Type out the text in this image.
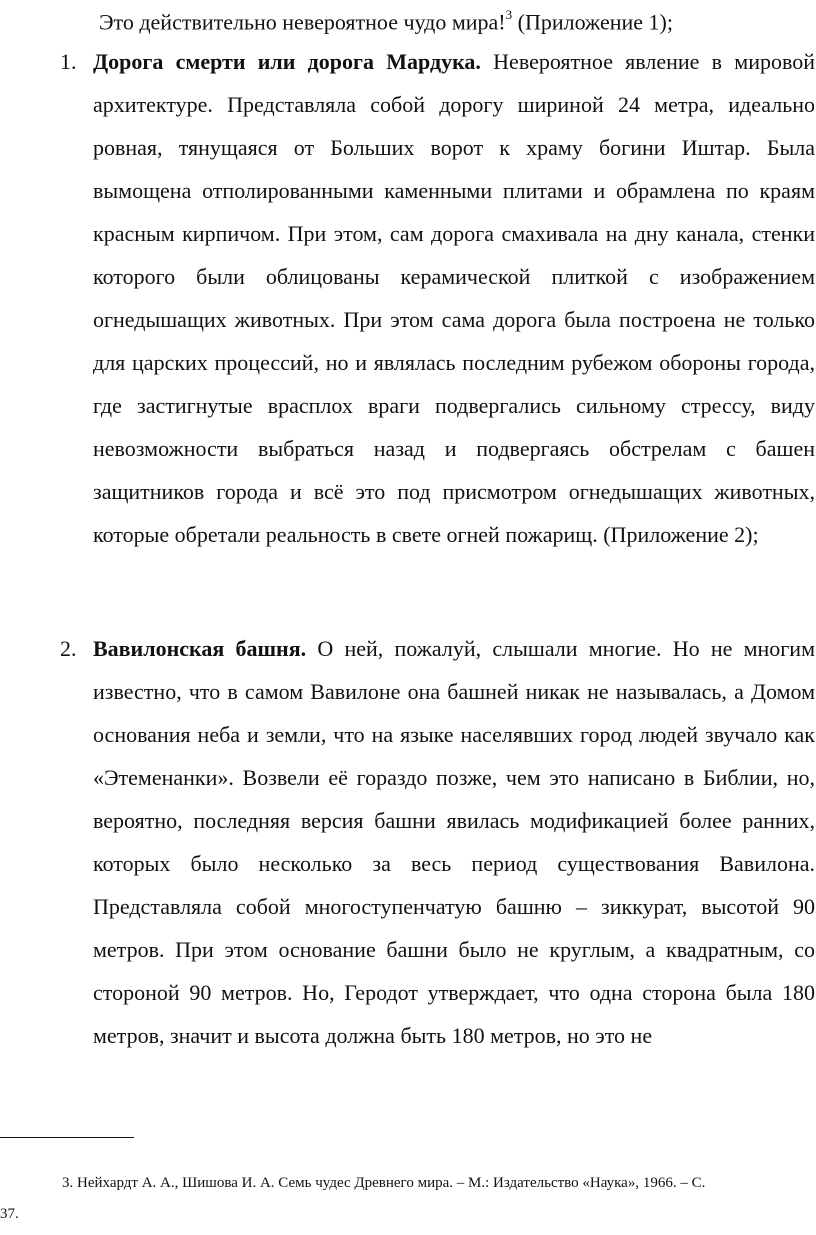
Это действительно невероятное чудо мира!$^3$ (Приложение 1);
1. Дорога смерти или дорога Мардука. Невероятное явление в мировой архитектуре. Представляла собой дорогу шириной 24 метра, идеально ровная, тянущаяся от Больших ворот к храму богини Иштар. Была вымощена отполированными каменными плитами и обрамлена по краям красным кирпичом. При этом, сам дорога смахивала на дну канала, стенки которого были облицованы керамической плиткой с изображением огнедышащих животных. При этом сама дорога была построена не только для царских процессий, но и являлась последним рубежом обороны города, где застигнутые врасплох враги подвергались сильному стрессу, виду невозможности выбраться назад и подвергаясь обстрелам с башен защитников города и всё это под присмотром огнедышащих животных, которые обретали реальность в свете огней пожарищ. (Приложение 2);
2. Вавилонская башня. О ней, пожалуй, слышали многие. Но не многим известно, что в самом Вавилоне она башней никак не называлась, а Домом основания неба и земли, что на языке населявших город людей звучало как «Этеменанки». Возвели её гораздо позже, чем это написано в Библии, но, вероятно, последняя версия башни явилась модификацией более ранних, которых было несколько за весь период существования Вавилона. Представляла собой многоступенчатую башню – зиккурат, высотой 90 метров. При этом основание башни было не круглым, а квадратным, со стороной 90 метров. Но, Геродот утверждает, что одна сторона была 180 метров, значит и высота должна быть 180 метров, но это не
3. Нейхардт А. А., Шишова И. А. Семь чудес Древнего мира. – М.: Издательство «Наука», 1966. – С.
37.
